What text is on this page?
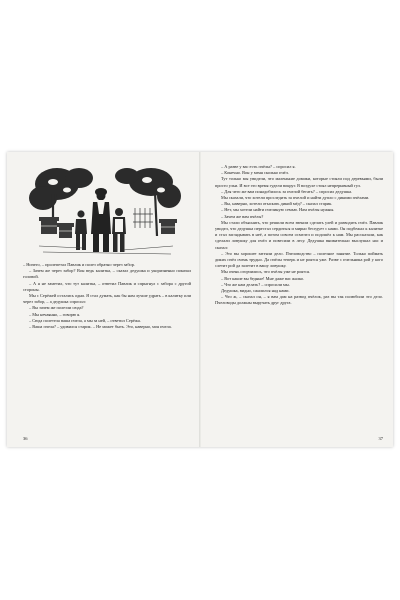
– Ничего, – пролепетал Павлик и полез обратно через забор.

– Зачем же через забор? Вон ведь калитка, – сказал дедушка и укоризненно покачал головой.

– А я не заметил, что тут калитка, – ответил Павлик и спрыгнул с забора с другой стороны.

Мы с Серёжей остались одни. Я стал думать, как бы нам лучше удрать – в калитку или через забор, – а дедушка спросил:

– Вы зачем же полезли сюда?

– Мы нечаянно, – говорю я.

– Сюда полетела ваша пчела, а мы за ней, – ответил Серёжа.

– Ваша пчела? – удивился старик. – Не может быть. Это, наверно, моя пчела.

36

– А разве у вас есть пчёлы? – спросил я.

– Конечно. Вон у меня сколько пчёл.

Тут только мы увидели, что маленькие домики, которые стояли под деревьями, были просто ульи. И все это время гудели вокруг. В воздухе стоял непрерывный гул.

– Для чего же вам понадобилось за пчелой бегать? – спросил дедушка.

Мы сказали, что хотели проследить за пчелой и найти дупло с дикими пчёлами.

– Вы, наверно, хотели отыскать дикий мёд? – сказал старик.

– Нет, мы хотели найти пчелиную семью. Нам пчёлы нужны.

– Зачем же вам пчёлы?

Мы стали объяснять, что решили всем звеном сделать улей и разводить пчёл. Павлик увидел, что дедушка перестал сердиться и мирно беседует с нами. Он подбежал к калитке и стал заглядывать в неё, а потом совсем осмелел и подошёл к нам. Мы рассказали, как сделали ловушку для пчёл и повесили в лесу. Дедушка внимательно выслушал нас и сказал:

– Это вы хорошее затеяли дело. Пчеловодство – полезное занятие. Только поймать диких пчёл очень трудно. Да пчёлы теперь и не роятся уже. Разве с пчельника рой у кого слетит рой да залетит в вашу ловушку.

Мы очень огорчились, что пчёлы уже не роятся.

– Вот какие вы бедные! Мне даже вас жалко.

– Что же нам делать? – спросили мы.

Дедушка, видно, сжалился над нами.

– Что ж, – сказал он, – я вам дам на развод пчёлок, раз вы так полюбили это дело. Пчеловоды должны выручать друг друга.

37
